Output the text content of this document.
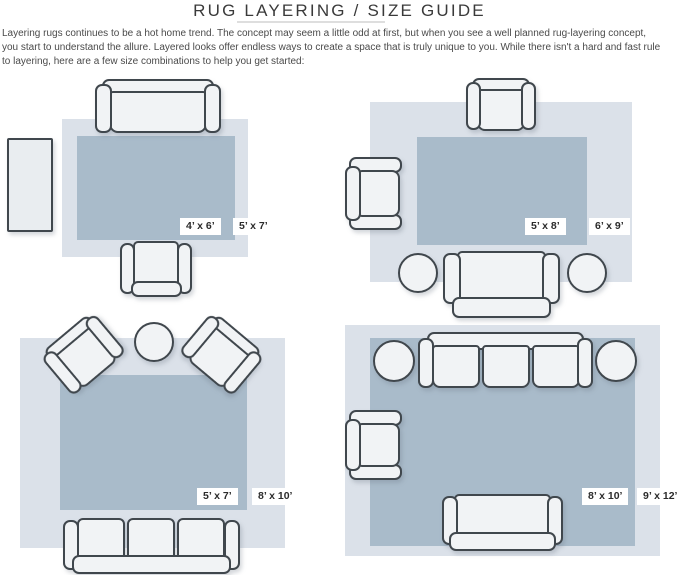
RUG LAYERING / SIZE GUIDE
Layering rugs continues to be a hot home trend. The concept may seem a little odd at first, but when you see a well planned rug-layering concept,
you start to understand the allure. Layered looks offer endless ways to create a space that is truly unique to you. While there isn't a hard and fast rule
to layering, here are a few size combinations to help you get started:
4’ x 6’	5’ x 7’	5’ x 8’	6’ x 9’
5’ x 7’	8’ x 10’	8’ x 10’	9’ x 12’
